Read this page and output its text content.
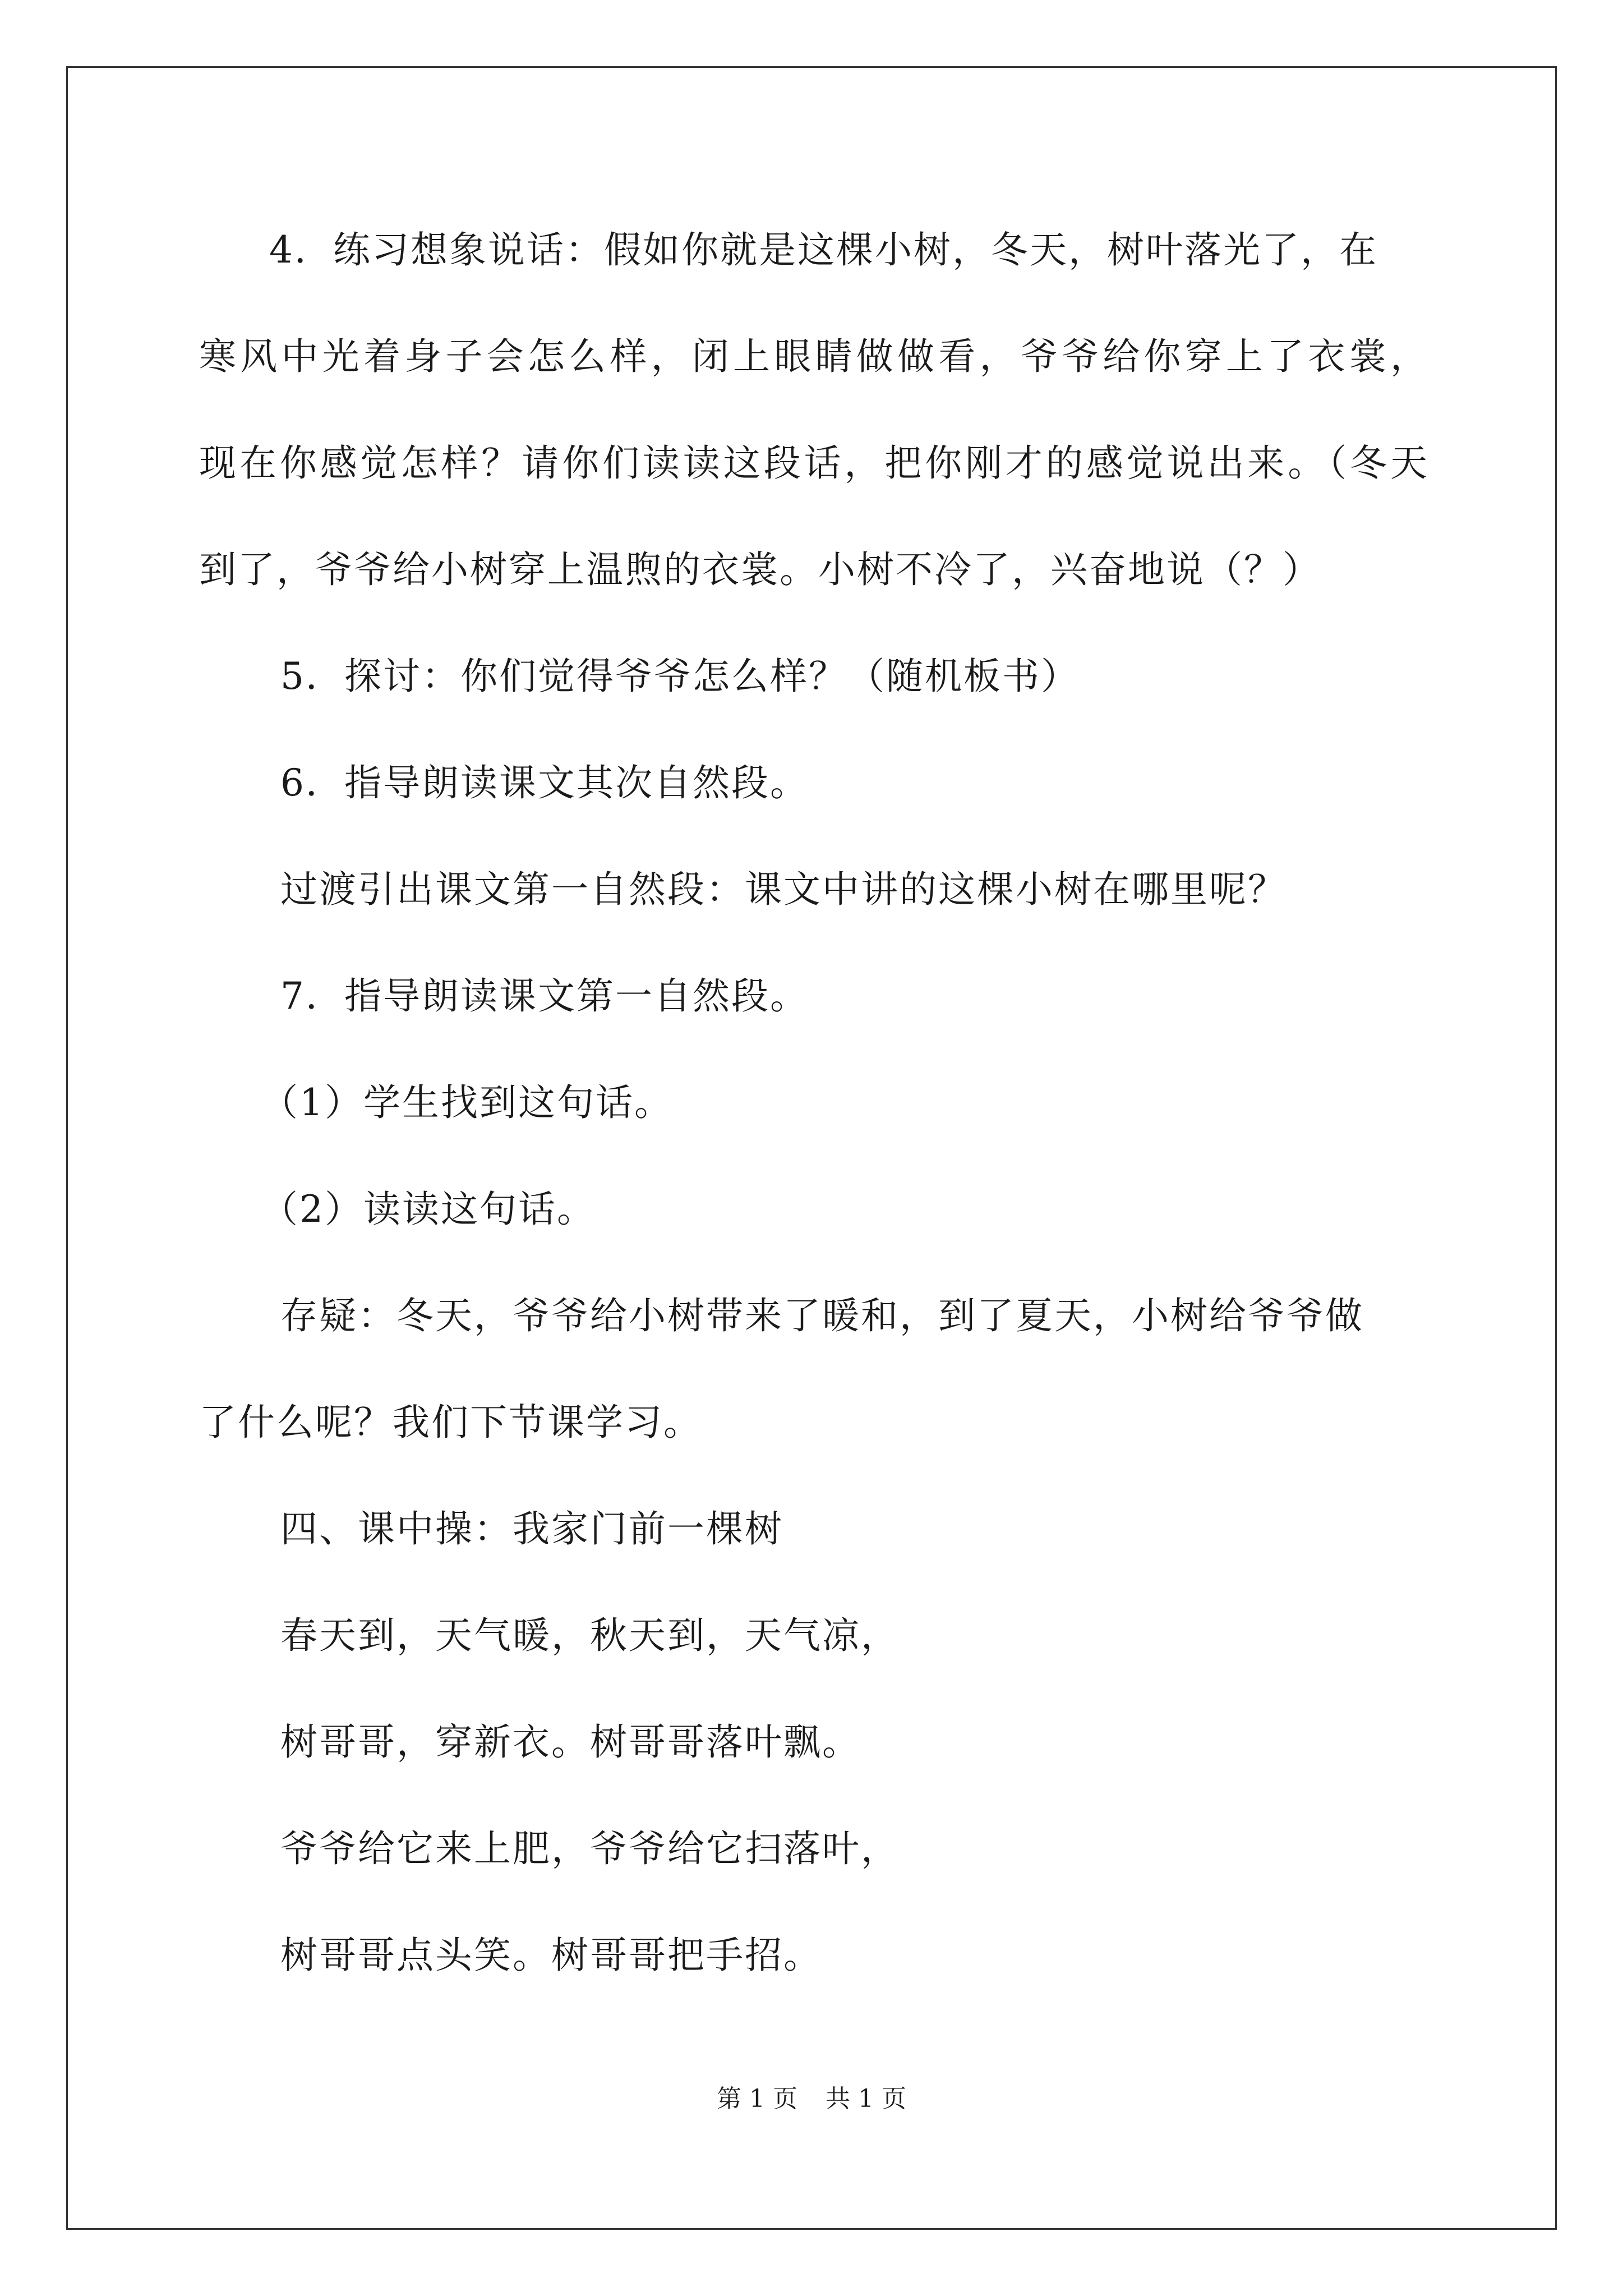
4．练习想象说话：假如你就是这棵小树，冬天，树叶落光了，在
寒风中光着身子会怎么样，闭上眼睛做做看，爷爷给你穿上了衣裳，
现在你感觉怎样？请你们读读这段话，把你刚才的感觉说出来。（冬天
到了，爷爷给小树穿上温煦的衣裳。小树不冷了，兴奋地说（？）
5．探讨：你们觉得爷爷怎么样？（随机板书）
6．指导朗读课文其次自然段。
过渡引出课文第一自然段：课文中讲的这棵小树在哪里呢？
7．指导朗读课文第一自然段。
（1）学生找到这句话。
（2）读读这句话。
存疑：冬天，爷爷给小树带来了暖和，到了夏天，小树给爷爷做
了什么呢？我们下节课学习。
四、课中操：我家门前一棵树
春天到，天气暖，秋天到，天气凉，
树哥哥，穿新衣。树哥哥落叶飘。
爷爷给它来上肥，爷爷给它扫落叶，
树哥哥点头笑。树哥哥把手招。
第 1 页 共 1 页
